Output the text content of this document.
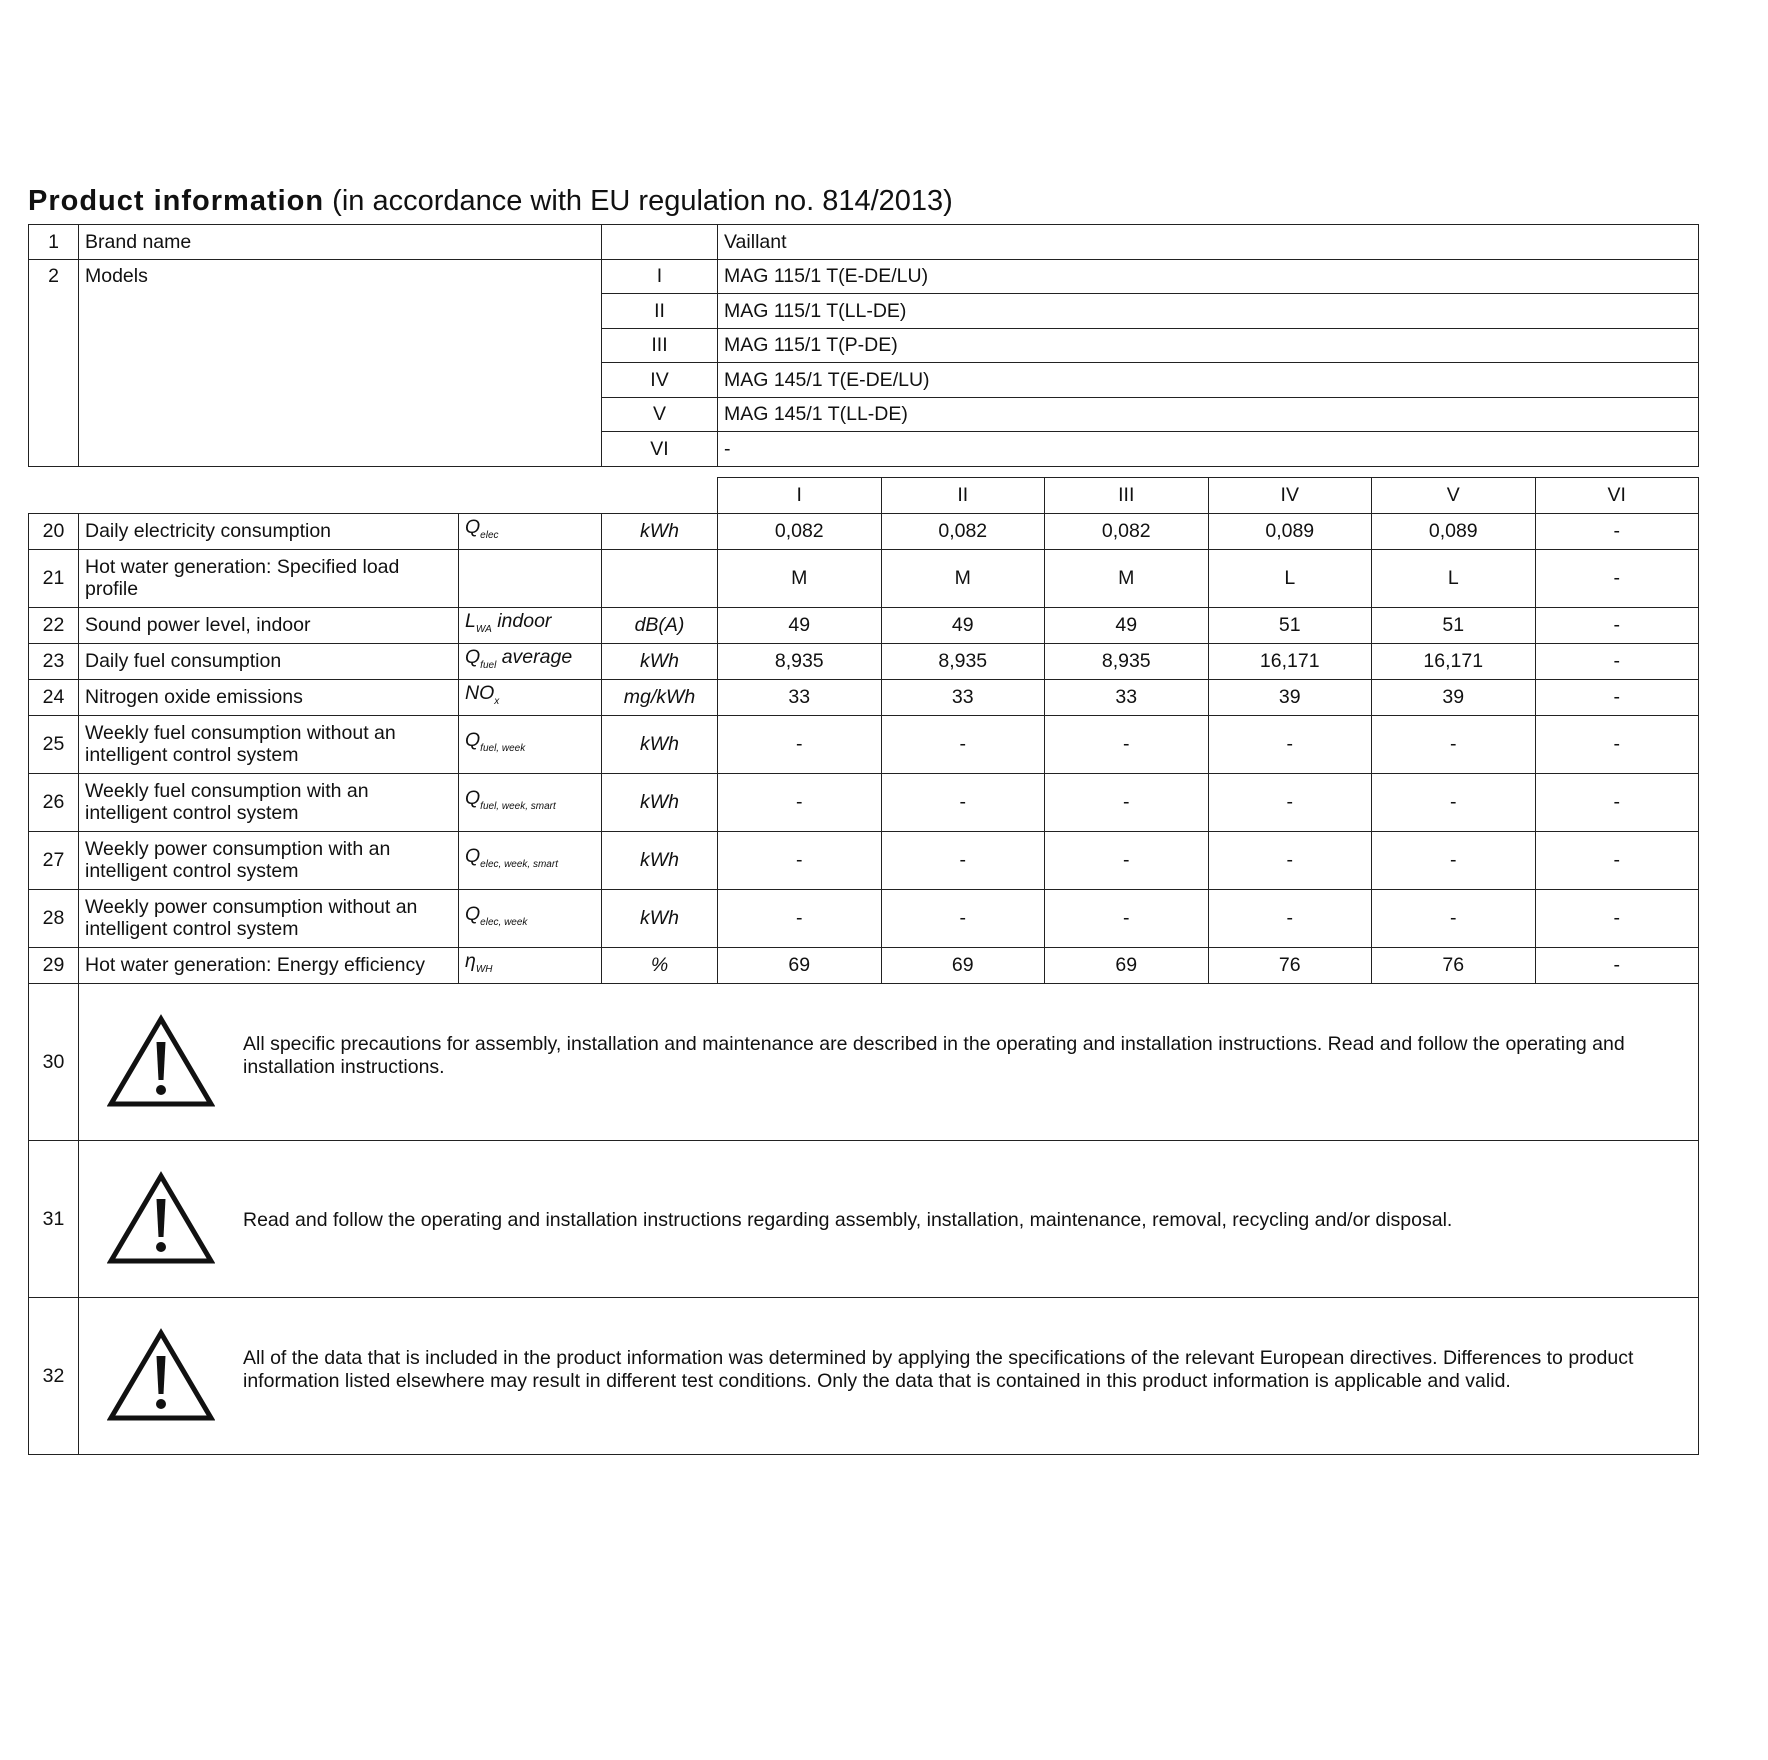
Product information (in accordance with EU regulation no. 814/2013)
1	Brand name		Vaillant
2	Models	I	MAG 115/1 T(E-DE/LU)
		II	MAG 115/1 T(LL-DE)
		III	MAG 115/1 T(P-DE)
		IV	MAG 145/1 T(E-DE/LU)
		V	MAG 145/1 T(LL-DE)
		VI	-
				I	II	III	IV	V	VI
20	Daily electricity consumption	$Q_{elec}$	kWh	0,082	0,082	0,082	0,089	0,089	-
21	Hot water generation: Specified load profile			M	M	M	L	L	-
22	Sound power level, indoor	$L_{WA}$ indoor	dB(A)	49	49	49	51	51	-
23	Daily fuel consumption	$Q_{fuel}$ average	kWh	8,935	8,935	8,935	16,171	16,171	-
24	Nitrogen oxide emissions	$NO_x$	mg/kWh	33	33	33	39	39	-
25	Weekly fuel consumption without an intelligent control system	$Q_{fuel, week}$	kWh	-	-	-	-	-	-
26	Weekly fuel consumption with an intelligent control system	$Q_{fuel, week, smart}$	kWh	-	-	-	-	-	-
27	Weekly power consumption with an intelligent control system	$Q_{elec, week, smart}$	kWh	-	-	-	-	-	-
28	Weekly power consumption without an intelligent control system	$Q_{elec, week}$	kWh	-	-	-	-	-	-
29	Hot water generation: Energy efficiency	$\eta_{WH}$	%	69	69	69	76	76	-
30	All specific precautions for assembly, installation and maintenance are described in the operating and installation instructions. Read and follow the operating and installation instructions.								

31	Read and follow the operating and installation instructions regarding assembly, installation, maintenance, removal, recycling and/or disposal.								

32	All of the data that is included in the product information was determined by applying the specifications of the relevant European directives. Differences to product information listed elsewhere may result in different test conditions. Only the data that is contained in this product information is applicable and valid.								
